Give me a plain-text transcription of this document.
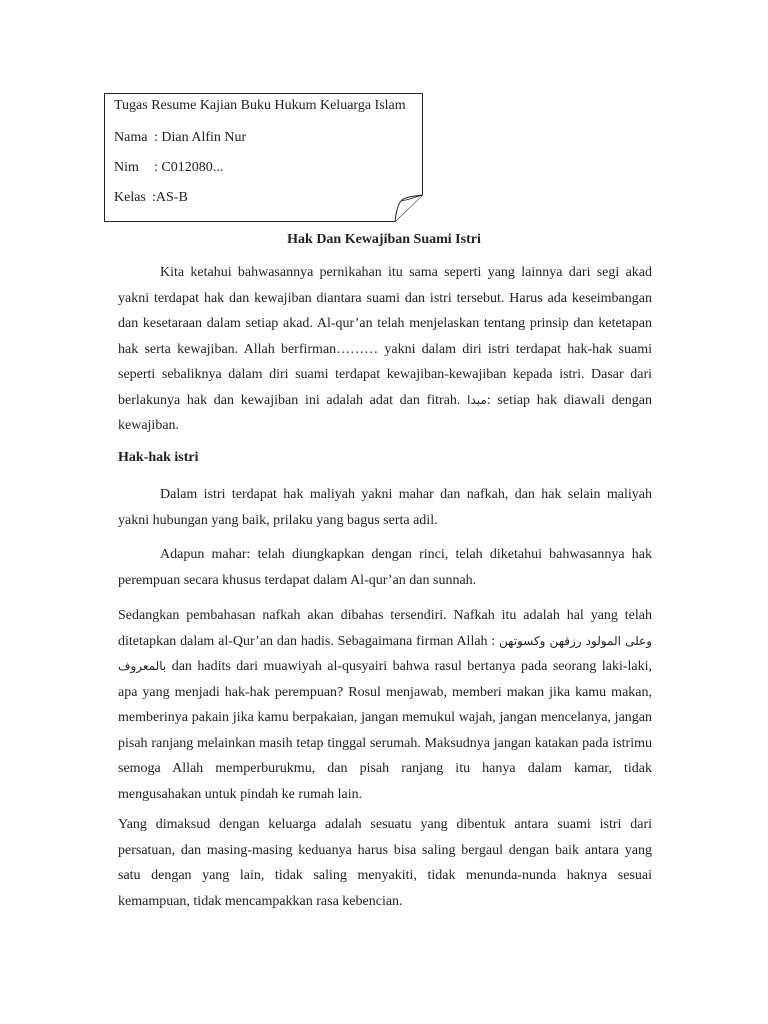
Tugas Resume Kajian Buku Hukum Keluarga Islam
Nama : Dian Alfin Nur
Nim : C012080...
Kelas :AS-B
Hak Dan Kewajiban Suami Istri

Kita ketahui bahwasannya pernikahan itu sama seperti yang lainnya dari segi akad yakni terdapat hak dan kewajiban diantara suami dan istri tersebut. Harus ada keseimbangan dan kesetaraan dalam setiap akad. Al-qur’an telah menjelaskan tentang prinsip dan ketetapan hak serta kewajiban. Allah berfirman……… yakni dalam diri istri terdapat hak-hak suami seperti sebaliknya dalam diri suami terdapat kewajiban-kewajiban kepada istri. Dasar dari berlakunya hak dan kewajiban ini adalah adat dan fitrah. مبدا: setiap hak diawali dengan kewajiban.

Hak-hak istri

Dalam istri terdapat hak maliyah yakni mahar dan nafkah, dan hak selain maliyah yakni hubungan yang baik, prilaku yang bagus serta adil.

Adapun mahar: telah diungkapkan dengan rinci, telah diketahui bahwasannya hak perempuan secara khusus terdapat dalam Al-qur’an dan sunnah.

Sedangkan pembahasan nafkah akan dibahas tersendiri. Nafkah itu adalah hal yang telah ditetapkan dalam al-Qur’an dan hadis. Sebagaimana firman Allah : وعلى المولود رزقهن وكسوتهن بالمعروف dan hadits dari muawiyah al-qusyairi bahwa rasul bertanya pada seorang laki-laki, apa yang menjadi hak-hak perempuan? Rosul menjawab, memberi makan jika kamu makan, memberinya pakain jika kamu berpakaian, jangan memukul wajah, jangan mencelanya, jangan pisah ranjang melainkan masih tetap tinggal serumah. Maksudnya jangan katakan pada istrimu semoga Allah memperburukmu, dan pisah ranjang itu hanya dalam kamar, tidak mengusahakan untuk pindah ke rumah lain.

Yang dimaksud dengan keluarga adalah sesuatu yang dibentuk antara suami istri dari persatuan, dan masing-masing keduanya harus bisa saling bergaul dengan baik antara yang satu dengan yang lain, tidak saling menyakiti, tidak menunda-nunda haknya sesuai kemampuan, tidak mencampakkan rasa kebencian.
